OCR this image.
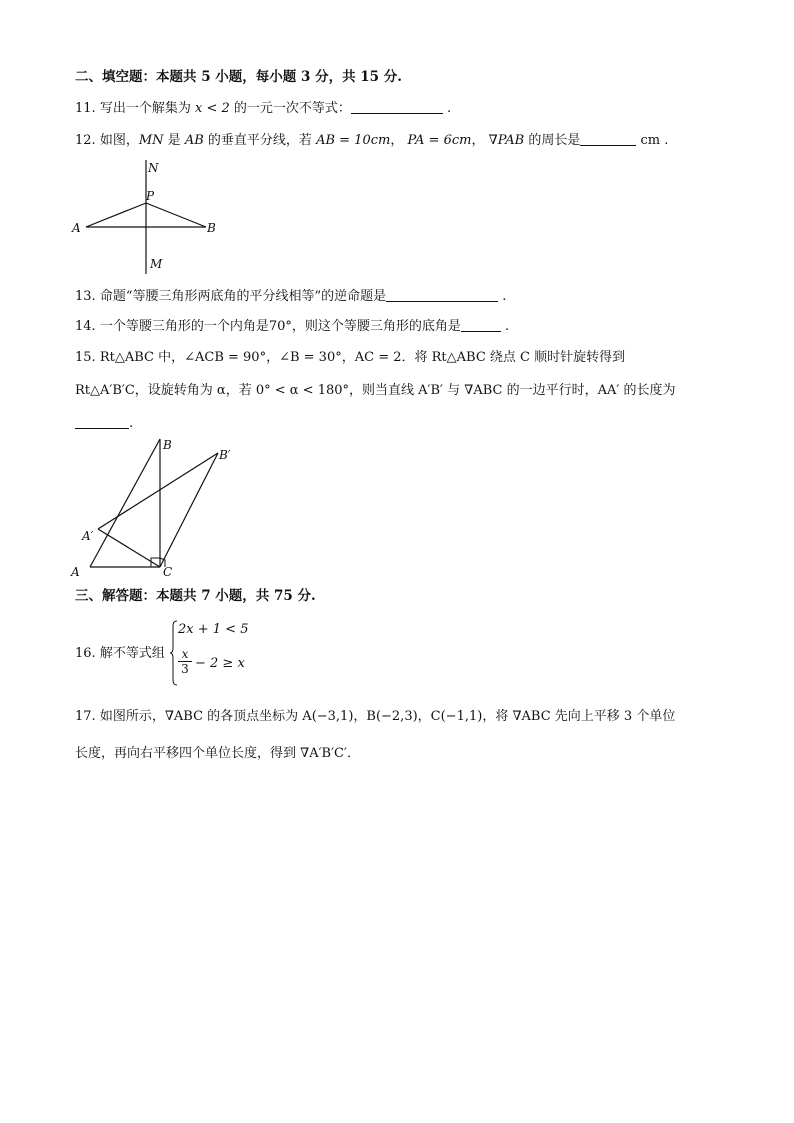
二、填空题：本题共 5 小题，每小题 3 分，共 15 分.
11. 写出一个解集为 x < 2 的一元一次不等式：	.
12. 如图，MN 是 AB 的垂直平分线，若 AB = 10cm， PA = 6cm， ∇PAB 的周长是	cm .
N
P
A	B
M
13. 命题“等腰三角形两底角的平分线相等”的逆命题是	.
14. 一个等腰三角形的一个内角是70°，则这个等腰三角形的底角是	.
15. Rt△ABC 中，∠ACB = 90°，∠B = 30°，AC = 2．将 Rt△ABC 绕点 C 顺时针旋转得到
Rt△A′B′C，设旋转角为 α，若 0° < α < 180°，则当直线 A′B′ 与 ∇ABC 的一边平行时，AA′ 的长度为
.
B
B′
A′
A	C
三、解答题：本题共 7 小题，共 75 分.
16. 解不等式组
2x + 1 < 5
$\frac{x}{3} - 2 \ge x$
17. 如图所示，∇ABC 的各顶点坐标为 A(−3,1)，B(−2,3)，C(−1,1)，将 ∇ABC 先向上平移 3 个单位
长度，再向右平移四个单位长度，得到 ∇A′B′C′．
